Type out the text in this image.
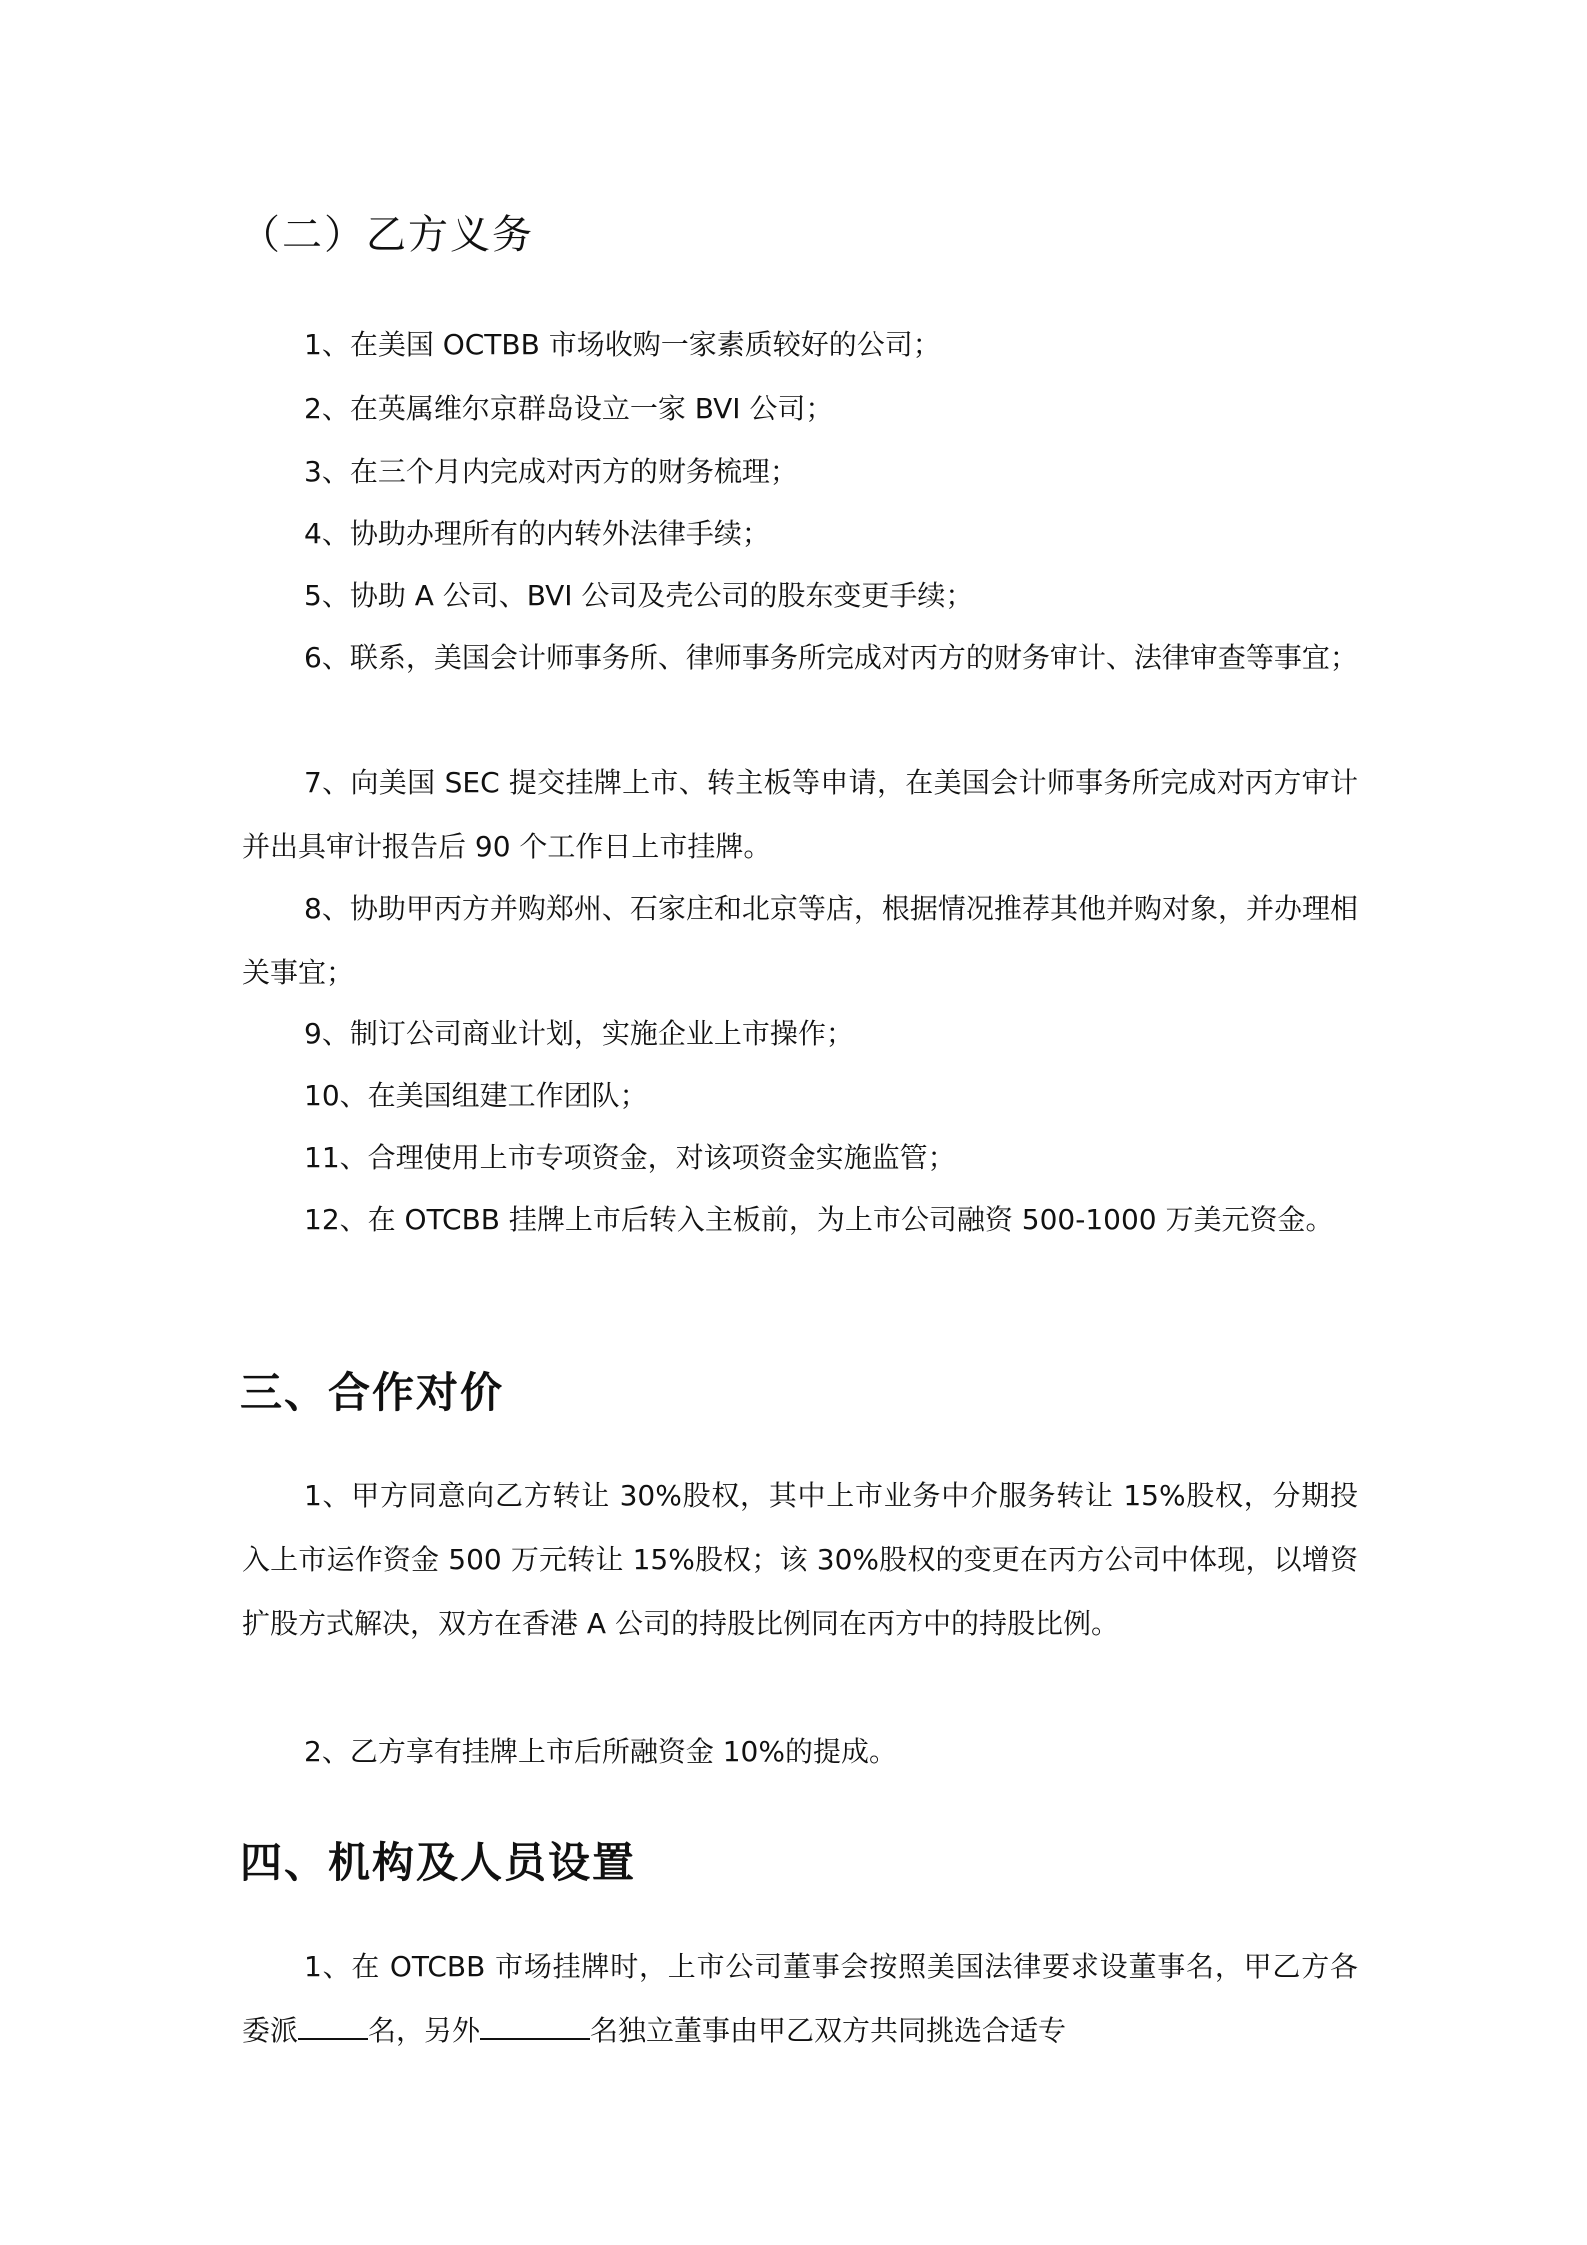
（二）乙方义务

1、在美国 OCTBB 市场收购一家素质较好的公司；

2、在英属维尔京群岛设立一家 BVI 公司；

3、在三个月内完成对丙方的财务梳理；

4、协助办理所有的内转外法律手续；

5、协助 A 公司、BVI 公司及壳公司的股东变更手续；

6、联系，美国会计师事务所、律师事务所完成对丙方的财务审计、法律审查等事宜；

7、向美国 SEC 提交挂牌上市、转主板等申请，在美国会计师事务所完成对丙方审计并出具审计报告后 90 个工作日上市挂牌。

8、协助甲丙方并购郑州、石家庄和北京等店，根据情况推荐其他并购对象，并办理相关事宜；

9、制订公司商业计划，实施企业上市操作；

10、在美国组建工作团队；

11、合理使用上市专项资金，对该项资金实施监管；

12、在 OTCBB 挂牌上市后转入主板前，为上市公司融资 500-1000 万美元资金。

三、合作对价

1、甲方同意向乙方转让 30%股权，其中上市业务中介服务转让 15%股权，分期投入上市运作资金 500 万元转让 15%股权；该 30%股权的变更在丙方公司中体现，以增资扩股方式解决，双方在香港 A 公司的持股比例同在丙方中的持股比例。

2、乙方享有挂牌上市后所融资金 10%的提成。

四、机构及人员设置

1、在 OTCBB 市场挂牌时，上市公司董事会按照美国法律要求设董事名，甲乙方各委派	名，另外	名独立董事由甲乙双方共同挑选合适专
